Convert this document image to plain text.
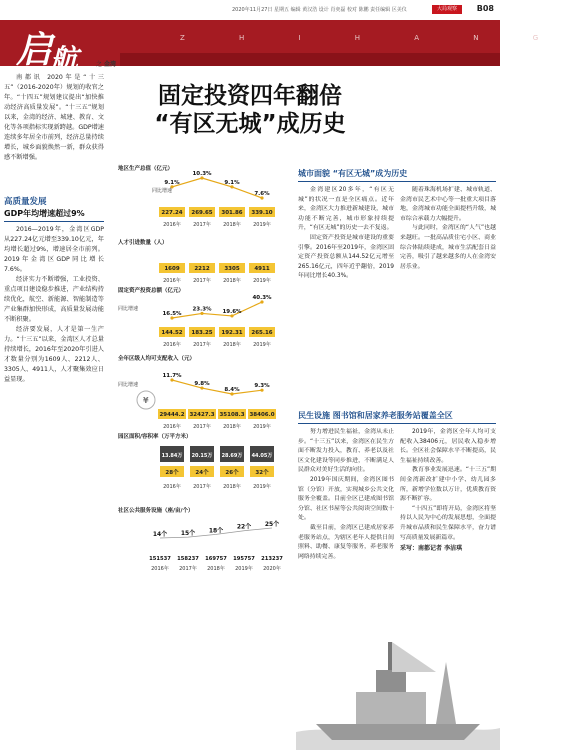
2020年11月27日 星期五 编辑 黄汉浩 设计 肖奕磊 校对 陈鹏 责任编辑 区美仪	大局观察	B08
Z H I H A N G
启
航	之 金湾

南都讯 2020年是“十三五”（2016-2020年）规划的收官之年。“十四五”规划建议提出“加快推动经济高质量发展”。“十三五”规划以来，金湾的经济、城建、教育、文化等各项指标实现新跨越。GDP增速连续多年居全市前列，经济总量持续增长，城乡面貌焕然一新，群众获得感不断增强。

高质量发展
GDP年均增速超过9%

2016—2019年，金湾区GDP从227.24亿元增至339.10亿元，年均增长超过9%，增速居全市前列。2019年金湾区GDP同比增长7.6%。

经济实力不断增强，工业投资、重点项目建设稳步推进，产业结构持续优化，航空、新能源、智能制造等产业集群加快形成，高质量发展动能不断积聚。

经济要发展，人才是第一生产力。“十三五”以来，金湾区人才总量持续增长，2016年至2020年引进人才数量分别为1609人、2212人、3305人、4911人，人才聚集效应日益显现。

固定投资四年翻倍
“有区无城”成历史
地区生产总值（亿元）
同比增速
9.1%
10.3%
9.1%
7.6%
227.24 269.65 301.86 339.10
2016年 2017年 2018年 2019年
人才引进数量（人）
1609	2212	3305	4911
2016年 2017年 2018年 2019年
固定资产投资总额（亿元）
同比增速
16.5%
23.3% 19.6%
40.3%
144.52 183.25 192.31 265.16
2016年 2017年 2018年 2019年
全年区级人均可支配收入（元）
同比增速
11.7%
9.8%
8.4%
9.3%
¥
29444.2 32427.3 35108.3 38406.0
2016年 2017年 2018年 2019年
园区面积/容积率（万平方米）
13.84万 20.15万 28.69万 44.05万
28个	24个	26个	32个
2016年 2017年 2018年 2019年
社区公共服务设施（座/亩/个）
14个 15个 18个
22个 25个
151537 158237 169757 195757 213237
2016年 2017年 2018年 2019年 2020年
城市面貌 “有区无城”成为历史

金湾建区20多年，“有区无城”的状况一直是全区痛点。近年来，金湾区大力推进新城建设，城市功能不断完善，城市形象持续提升，“有区无城”的历史一去不复返。

固定资产投资是城市建设的重要引擎。2016年至2019年，金湾区固定资产投资总额从144.52亿元增至265.16亿元，四年近乎翻倍，2019年同比增长40.3%。

随着珠海机场扩建、城市轨道、金湾市民艺术中心等一批重大项目落地，金湾城市功能全面提档升级，城市综合承载力大幅提升。

与此同时，金湾区的“人气”也越来越旺。一批高品质住宅小区、商业综合体陆续建成，城市生活配套日益完善，吸引了越来越多的人在金湾安居乐业。

民生设施 图书馆和居家养老服务站覆盖全区

努力增进民生福祉，金湾从未止步。“十三五”以来，金湾区在民生方面不断发力投入，教育、养老以及社区文化建设等同步推进，不断满足人民群众对美好生活的向往。

2019年国庆期间，金湾区图书馆（分馆）开放，实现城乡公共文化服务全覆盖。目前全区已建成图书馆分馆、社区书屋等公共阅读空间数十处。

截至目前，金湾区已建成居家养老服务站点，为辖区老年人提供日间照料、助餐、康复等服务，养老服务网络持续完善。

2019年，金湾区全年人均可支配收入38406元，居民收入稳步增长。全区社会保障水平不断提高，民生福祉持续改善。

教育事业发展迅速。“十三五”期间金湾新改扩建中小学、幼儿园多所，新增学位数以万计，优质教育资源不断扩容。

“十四五”即将开局，金湾区将坚持以人民为中心的发展思想，全面提升城市品质和民生保障水平，奋力谱写高质量发展新篇章。

采写：南都记者 李洁琪
